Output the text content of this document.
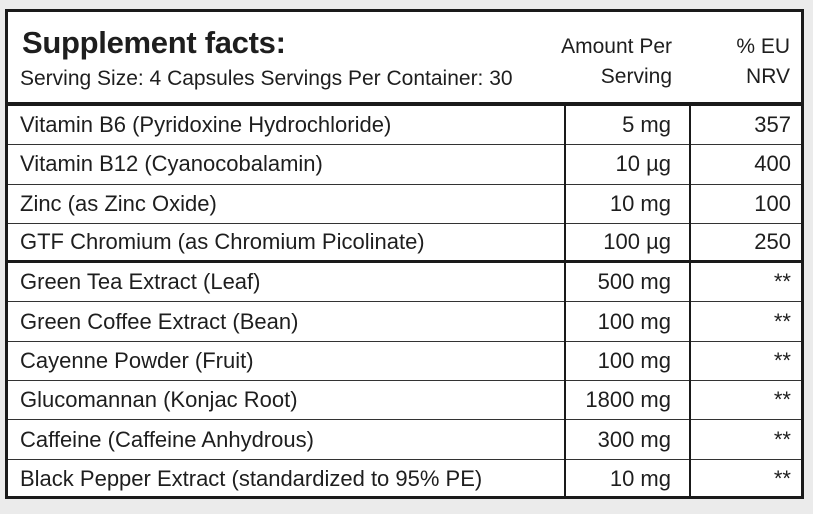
Supplement facts:
Serving Size: 4 Capsules Servings Per Container: 30
Amount Per
Serving
% EU
NRV
Vitamin B6 (Pyridoxine Hydrochloride)	5 mg	357
Vitamin B12 (Cyanocobalamin)	10 µg	400
Zinc (as Zinc Oxide)	10 mg	100
GTF Chromium (as Chromium Picolinate)	100 µg	250
Green Tea Extract (Leaf)	500 mg	**
Green Coffee Extract (Bean)	100 mg	**
Cayenne Powder (Fruit)	100 mg	**
Glucomannan (Konjac Root)	1800 mg	**
Caffeine (Caffeine Anhydrous)	300 mg	**
Black Pepper Extract (standardized to 95% PE)	10 mg	**
